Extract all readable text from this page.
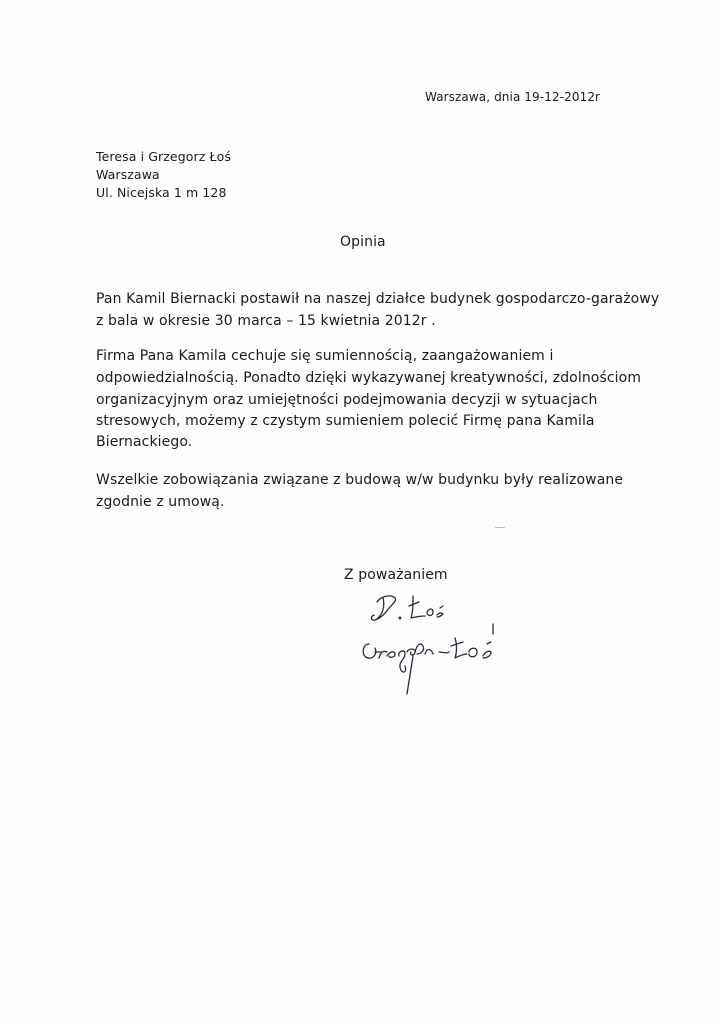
Warszawa, dnia 19-12-2012r
Teresa i Grzegorz Łoś
Warszawa
Ul. Nicejska 1 m 128
Opinia
Pan Kamil Biernacki postawił na naszej działce budynek gospodarczo-garażowy
z bala w okresie 30 marca – 15 kwietnia 2012r .
Firma Pana Kamila cechuje się sumiennością, zaangażowaniem i
odpowiedzialnością. Ponadto dzięki wykazywanej kreatywności, zdolnościom
organizacyjnym oraz umiejętności podejmowania decyzji w sytuacjach
stresowych, możemy z czystym sumieniem polecić Firmę pana Kamila
Biernackiego.
Wszelkie zobowiązania związane z budową w/w budynku były realizowane
zgodnie z umową.
Z poważaniem
